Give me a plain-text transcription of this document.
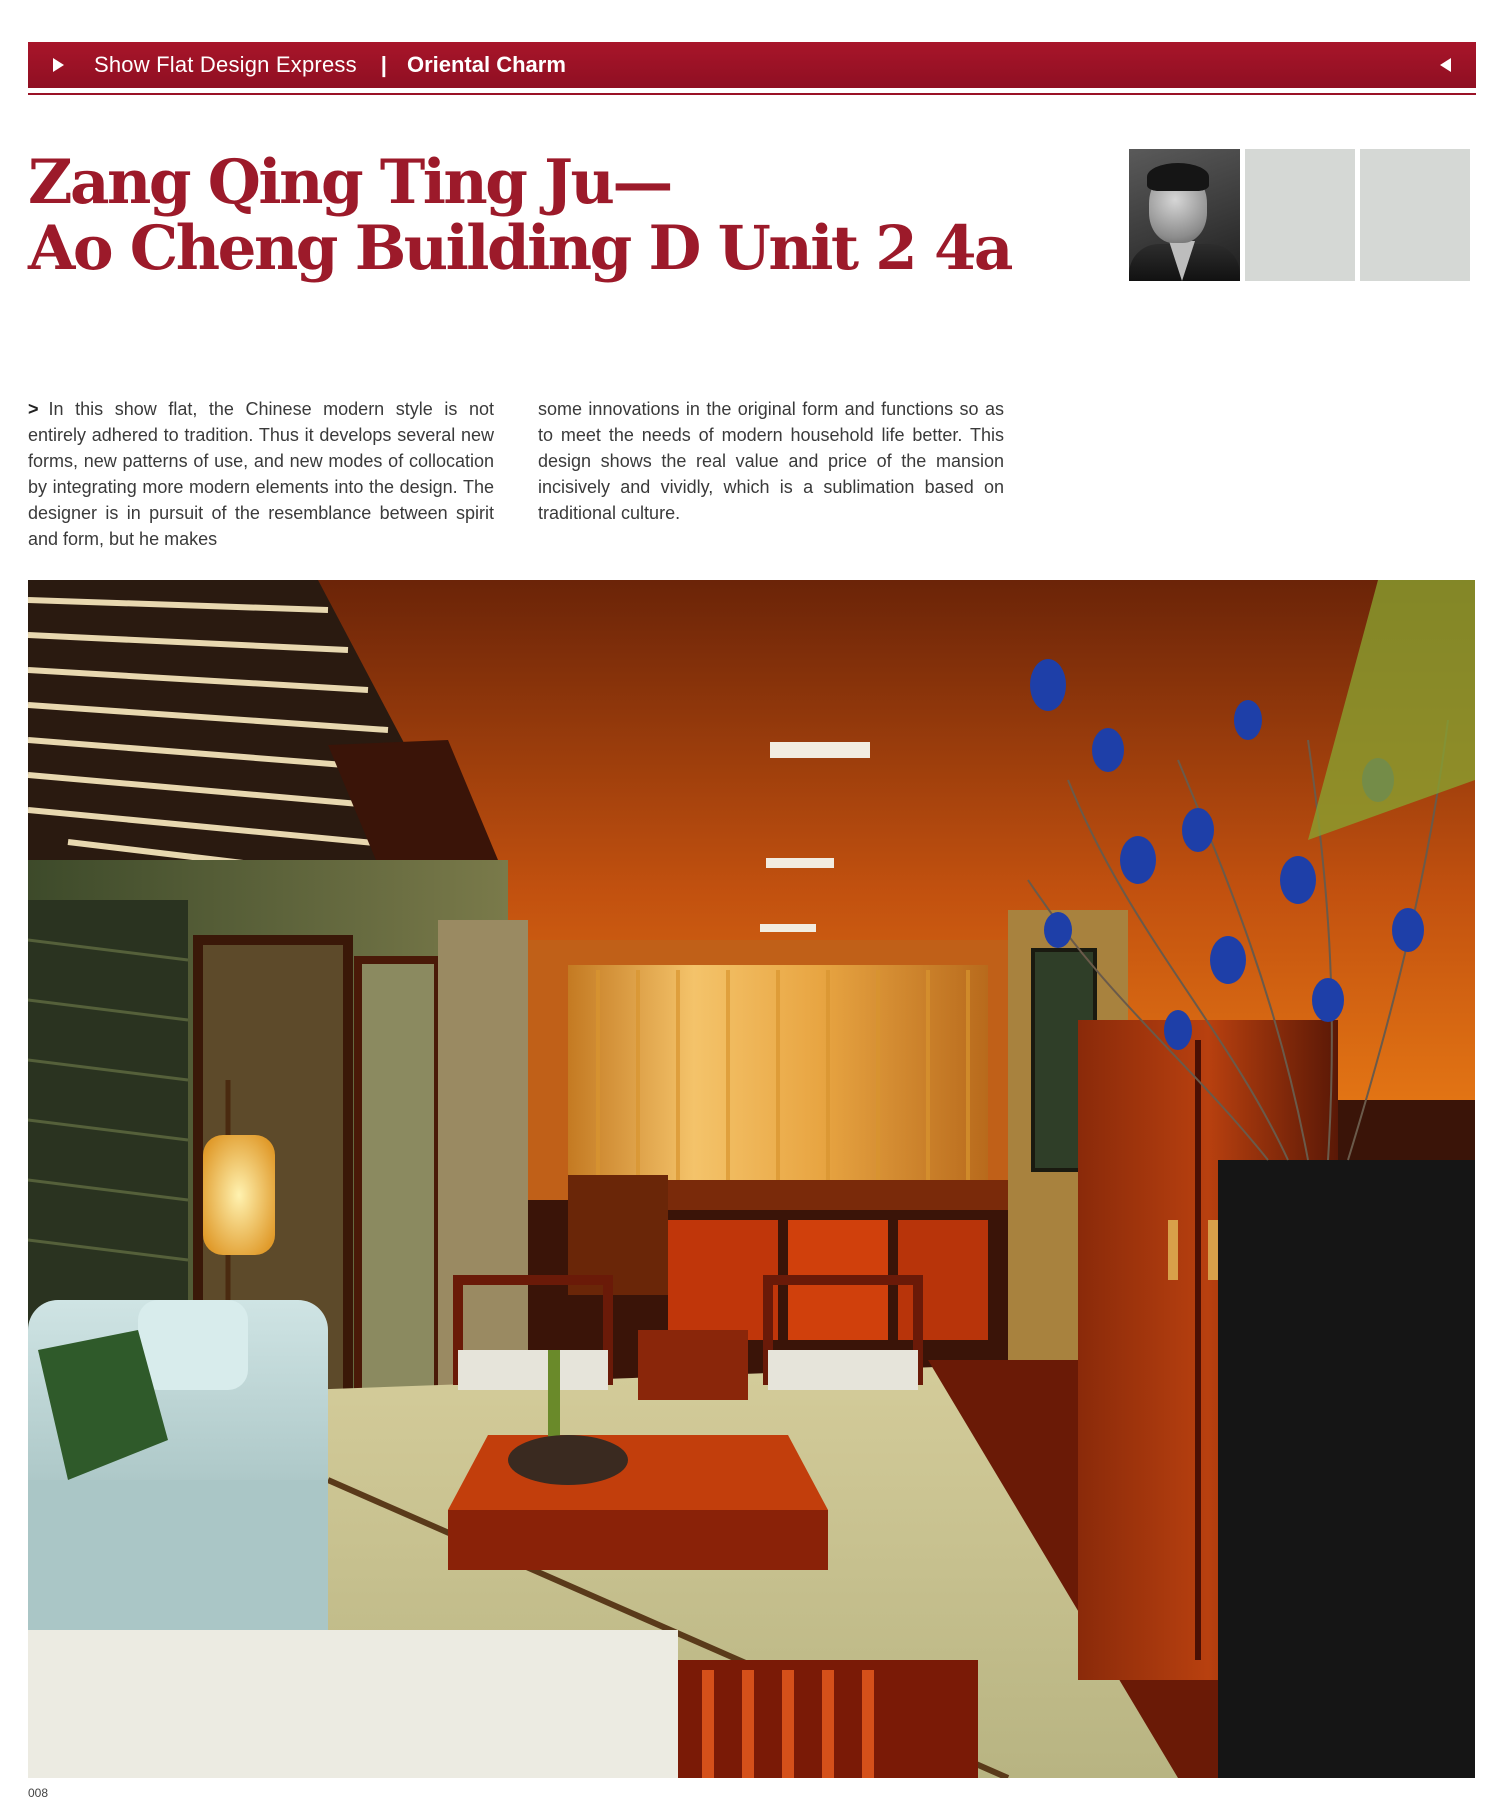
Show Flat Design Express | Oriental Charm
Zang Qing Ting Ju—
Ao Cheng Building D Unit 2 4a

> In this show flat, the Chinese modern style is not entirely adhered to tradition. Thus it develops several new forms, new patterns of use, and new modes of collocation by integrating more modern elements into the design. The designer is in pursuit of the resemblance between spirit and form, but he makes

some innovations in the original form and functions so as to meet the needs of modern household life better. This design shows the real value and price of the mansion incisively and vividly, which is a sublimation based on traditional culture.

008
